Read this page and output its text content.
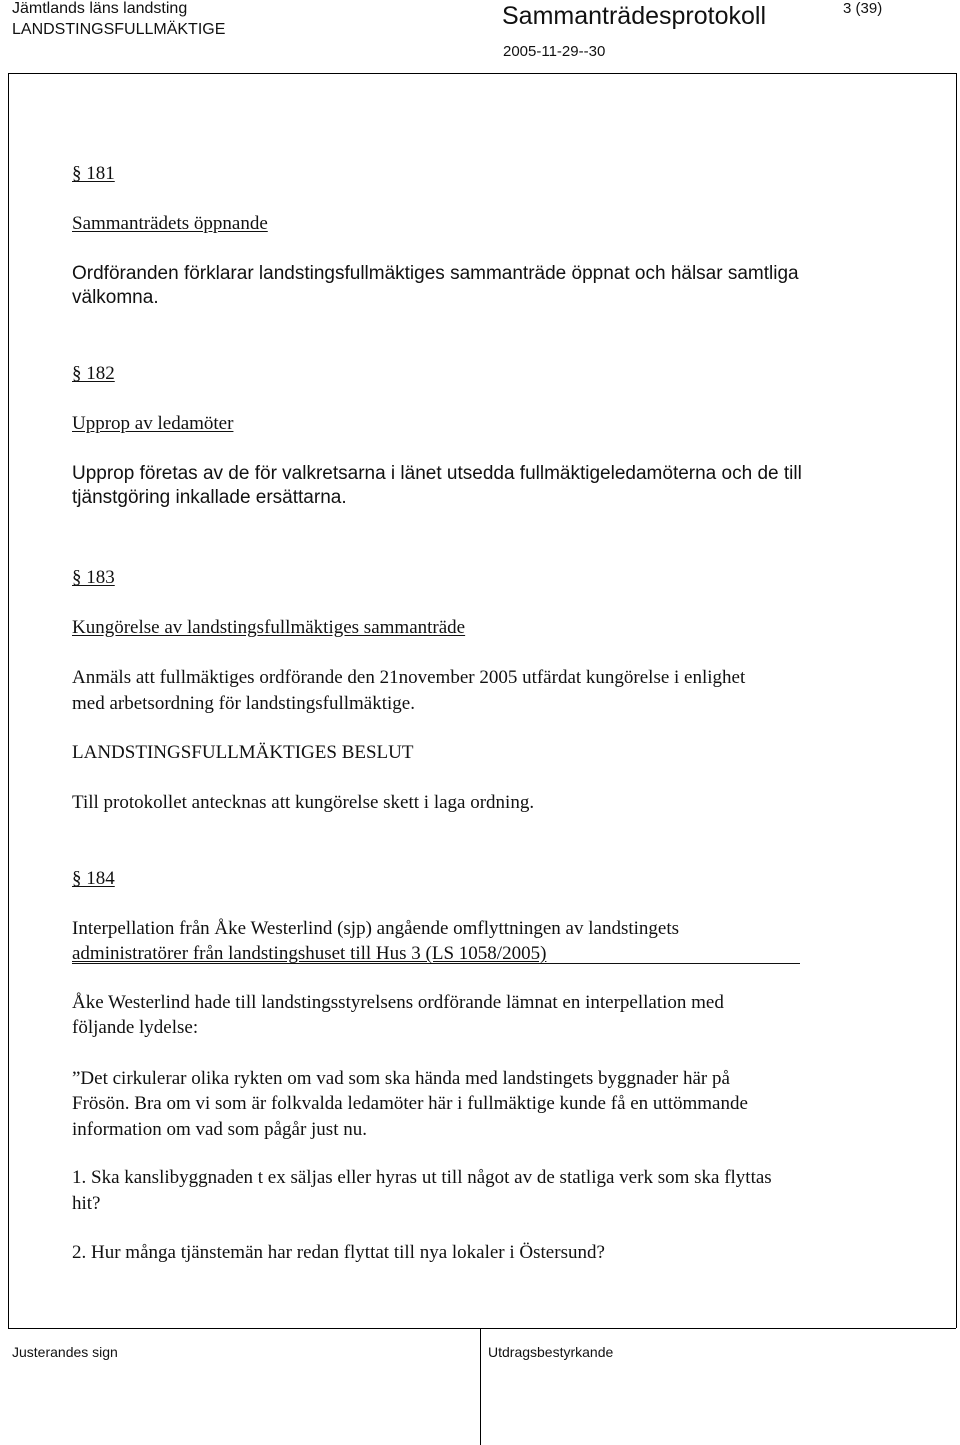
Jämtlands läns landsting
LANDSTINGSFULLMÄKTIGE	Sammanträdesprotokoll
2005-11-29--30
3 (39)
§ 181
Sammanträdets öppnande
Ordföranden förklarar landstingsfullmäktiges sammanträde öppnat och hälsar samtliga
välkomna.
§ 182
Upprop av ledamöter
Upprop företas av de för valkretsarna i länet utsedda fullmäktigeledamöterna och de till
tjänstgöring inkallade ersättarna.
§ 183
Kungörelse av landstingsfullmäktiges sammanträde
Anmäls att fullmäktiges ordförande den 21november 2005 utfärdat kungörelse i enlighet
med arbetsordning för landstingsfullmäktige.
LANDSTINGSFULLMÄKTIGES BESLUT
Till protokollet antecknas att kungörelse skett i laga ordning.
§ 184
Interpellation från Åke Westerlind (sjp) angående omflyttningen av landstingets
administratörer från landstingshuset till Hus 3 (LS 1058/2005)
Åke Westerlind hade till landstingsstyrelsens ordförande lämnat en interpellation med
följande lydelse:
”Det cirkulerar olika rykten om vad som ska hända med landstingets byggnader här på
Frösön. Bra om vi som är folkvalda ledamöter här i fullmäktige kunde få en uttömmande
information om vad som pågår just nu.
1. Ska kanslibyggnaden t ex säljas eller hyras ut till något av de statliga verk som ska flyttas
hit?
2. Hur många tjänstemän har redan flyttat till nya lokaler i Östersund?
Justerandes sign	Utdragsbestyrkande
